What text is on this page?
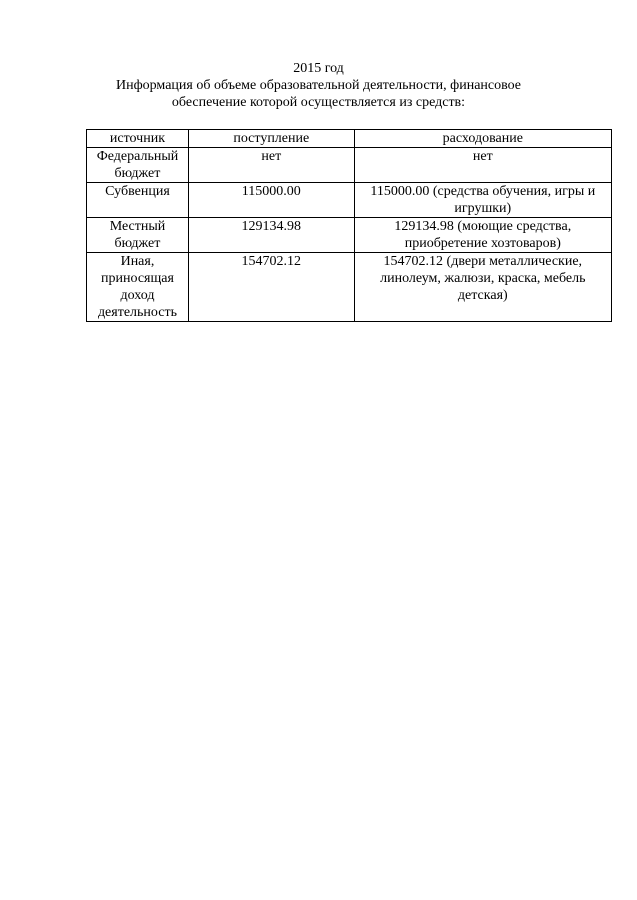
2015 год
Информация об объеме образовательной деятельности, финансовое
обеспечение которой осуществляется из средств:
источник	поступление	расходование
Федеральный бюджет	нет	нет
Субвенция	115000.00	115000.00 (средства обучения, игры и игрушки)
Местный бюджет	129134.98	129134.98 (моющие средства, приобретение хозтоваров)
Иная, приносящая доход деятельность	154702.12	154702.12 (двери металлические, линолеум, жалюзи, краска, мебель детская)
